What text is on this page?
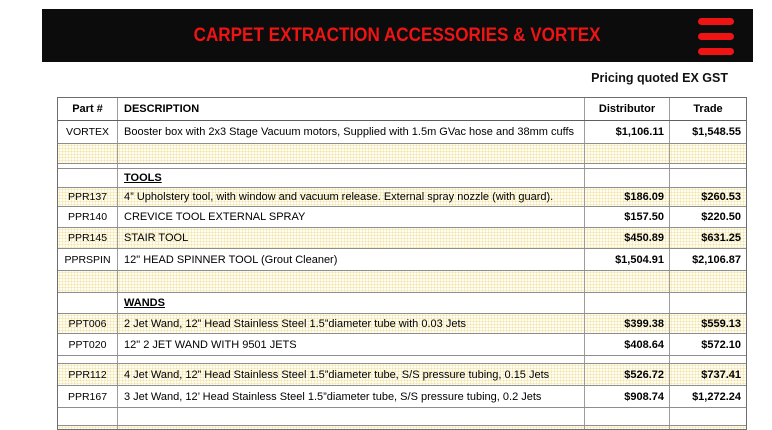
CARPET EXTRACTION ACCESSORIES & VORTEX
Pricing quoted EX GST
Part #	DESCRIPTION	Distributor	Trade
VORTEX	Booster box with 2x3 Stage Vacuum motors, Supplied with 1.5m GVac hose and 38mm cuffs	$1,106.11	$1,548.55
TOOLS
PPR137	4” Upholstery tool, with window and vacuum release. External spray nozzle (with guard).	$186.09	$260.53
PPR140	CREVICE TOOL EXTERNAL SPRAY	$157.50	$220.50
PPR145	STAIR TOOL	$450.89	$631.25
PPRSPIN	12" HEAD SPINNER TOOL (Grout Cleaner)	$1,504.91	$2,106.87
WANDS
PPT006	2 Jet Wand, 12” Head Stainless Steel 1.5”diameter tube with 0.03 Jets	$399.38	$559.13
PPT020	12" 2 JET WAND WITH 9501 JETS	$408.64	$572.10
PPR112	4 Jet Wand, 12” Head Stainless Steel 1.5”diameter tube, S/S pressure tubing, 0.15 Jets	$526.72	$737.41
PPR167	3 Jet Wand, 12’ Head Stainless Steel 1.5”diameter tube, S/S pressure tubing, 0.2 Jets	$908.74	$1,272.24
